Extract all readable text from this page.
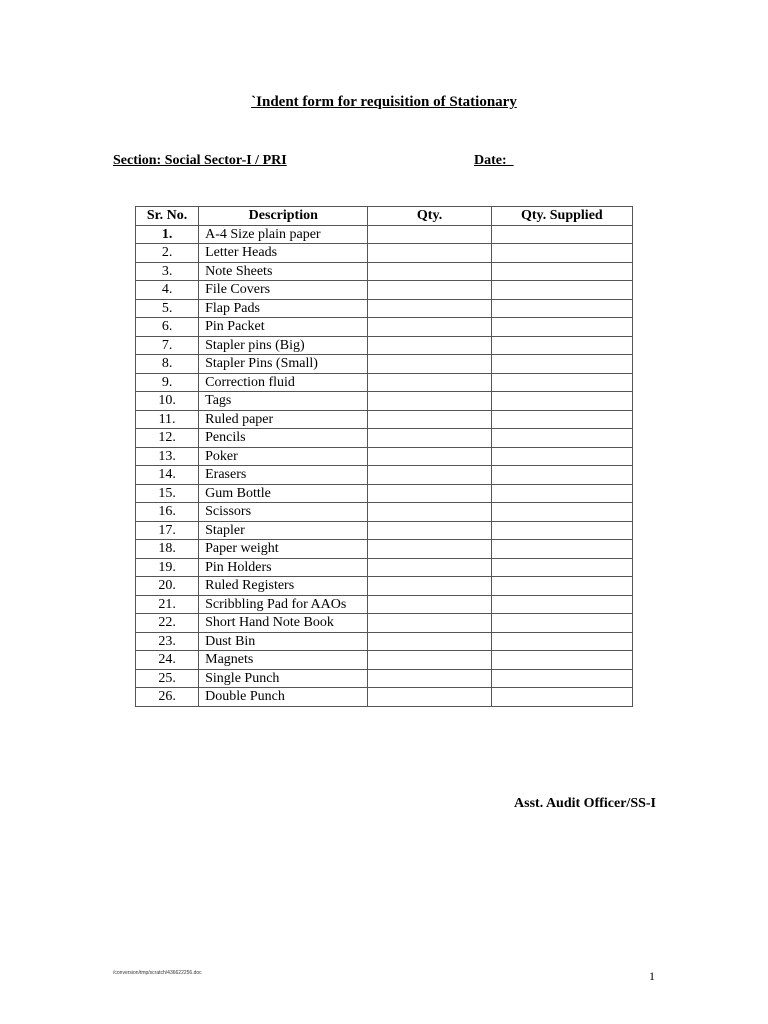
`Indent form for requisition of Stationary
Section: Social Sector-I / PRI	Date:
Sr. No.	Description	Qty.	Qty. Supplied
1.	A-4 Size plain paper		
2.	Letter Heads		
3.	Note Sheets		
4.	File Covers		
5.	Flap Pads		
6.	Pin Packet		
7.	Stapler pins (Big)		
8.	Stapler Pins (Small)		
9.	Correction fluid		
10.	Tags		
11.	Ruled paper		
12.	Pencils		
13.	Poker		
14.	Erasers		
15.	Gum Bottle		
16.	Scissors		
17.	Stapler		
18.	Paper weight		
19.	Pin Holders		
20.	Ruled Registers		
21.	Scribbling Pad for AAOs		
22.	Short Hand Note Book		
23.	Dust Bin		
24.	Magnets		
25.	Single Punch		
26.	Double Punch		
Asst. Audit Officer/SS-I
/conversion/tmp/scratch/436622256.doc	1
